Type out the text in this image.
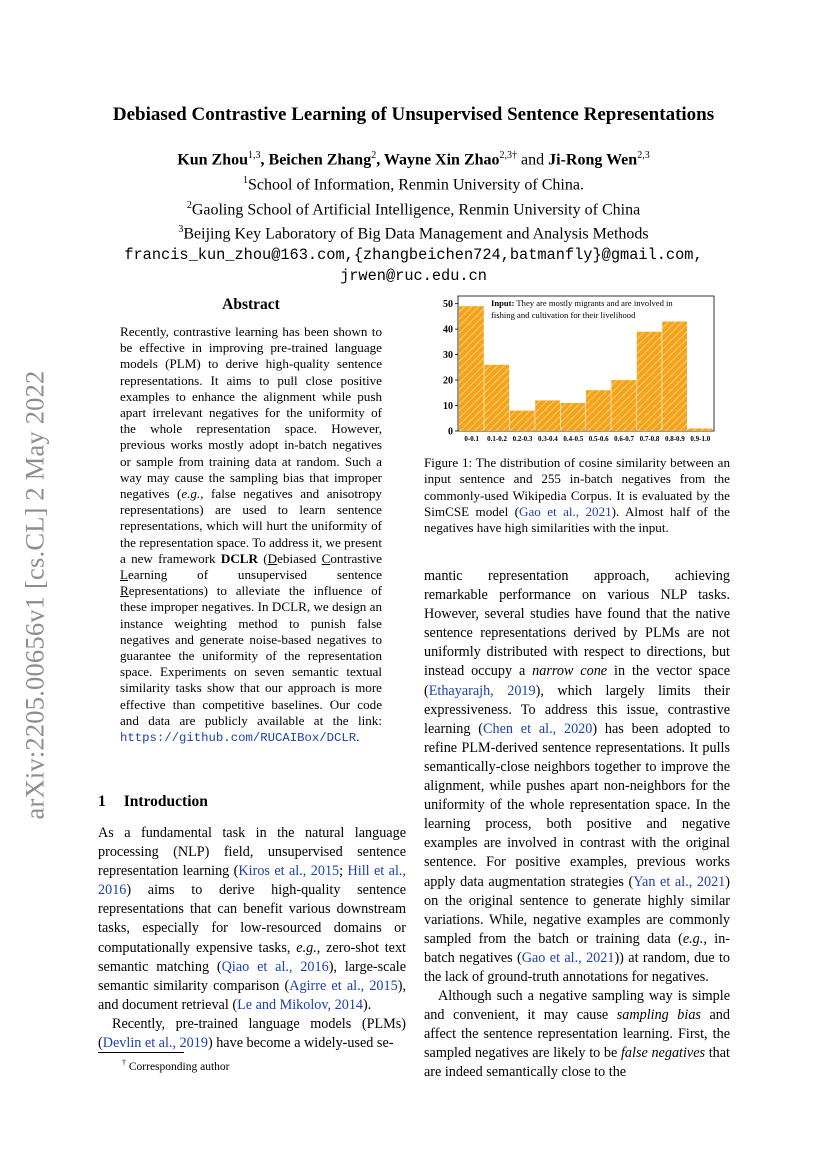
arXiv:2205.00656v1 [cs.CL] 2 May 2022
Debiased Contrastive Learning of Unsupervised Sentence Representations
Kun Zhou$^{1,3}$, Beichen Zhang$^2$, Wayne Xin Zhao$^{2,3\dagger}$ and Ji-Rong Wen$^{2,3}$
$^1$School of Information, Renmin University of China.
$^2$Gaoling School of Artificial Intelligence, Renmin University of China
$^3$Beijing Key Laboratory of Big Data Management and Analysis Methods
francis_kun_zhou@163.com,{zhangbeichen724,batmanfly}@gmail.com,
jrwen@ruc.edu.cn
Abstract
Recently, contrastive learning has been shown to be effective in improving pre-trained language models (PLM) to derive high-quality sentence representations. It aims to pull close positive examples to enhance the alignment while push apart irrelevant negatives for the uniformity of the whole representation space. However, previous works mostly adopt in-batch negatives or sample from training data at random. Such a way may cause the sampling bias that improper negatives (e.g., false negatives and anisotropy representations) are used to learn sentence representations, which will hurt the uniformity of the representation space. To address it, we present a new framework DCLR (Debiased Contrastive Learning of unsupervised sentence Representations) to alleviate the influence of these improper negatives. In DCLR, we design an instance weighting method to punish false negatives and generate noise-based negatives to guarantee the uniformity of the representation space. Experiments on seven semantic textual similarity tasks show that our approach is more effective than competitive baselines. Our code and data are publicly available at the link: https://github.com/RUCAIBox/DCLR.
1 Introduction

As a fundamental task in the natural language processing (NLP) field, unsupervised sentence representation learning (Kiros et al., 2015; Hill et al., 2016) aims to derive high-quality sentence representations that can benefit various downstream tasks, especially for low-resourced domains or computationally expensive tasks, e.g., zero-shot text semantic matching (Qiao et al., 2016), large-scale semantic similarity comparison (Agirre et al., 2015), and document retrieval (Le and Mikolov, 2014).

Recently, pre-trained language models (PLMs) (Devlin et al., 2019) have become a widely-used se-

† Corresponding author
0
10
20
30
40
50
0-0.1 0.1-0.2 0.2-0.3 0.3-0.4 0.4-0.5 0.5-0.6 0.6-0.7 0.7-0.8 0.8-0.9 0.9-1.0
Input: They are mostly migrants and are involved in
fishing and cultivation for their livelihood
Figure 1: The distribution of cosine similarity between an input sentence and 255 in-batch negatives from the commonly-used Wikipedia Corpus. It is evaluated by the SimCSE model (Gao et al., 2021). Almost half of the negatives have high similarities with the input.

mantic representation approach, achieving remarkable performance on various NLP tasks. However, several studies have found that the native sentence representations derived by PLMs are not uniformly distributed with respect to directions, but instead occupy a narrow cone in the vector space (Ethayarajh, 2019), which largely limits their expressiveness. To address this issue, contrastive learning (Chen et al., 2020) has been adopted to refine PLM-derived sentence representations. It pulls semantically-close neighbors together to improve the alignment, while pushes apart non-neighbors for the uniformity of the whole representation space. In the learning process, both positive and negative examples are involved in contrast with the original sentence. For positive examples, previous works apply data augmentation strategies (Yan et al., 2021) on the original sentence to generate highly similar variations. While, negative examples are commonly sampled from the batch or training data (e.g., in-batch negatives (Gao et al., 2021)) at random, due to the lack of ground-truth annotations for negatives.

Although such a negative sampling way is simple and convenient, it may cause sampling bias and affect the sentence representation learning. First, the sampled negatives are likely to be false negatives that are indeed semantically close to the
